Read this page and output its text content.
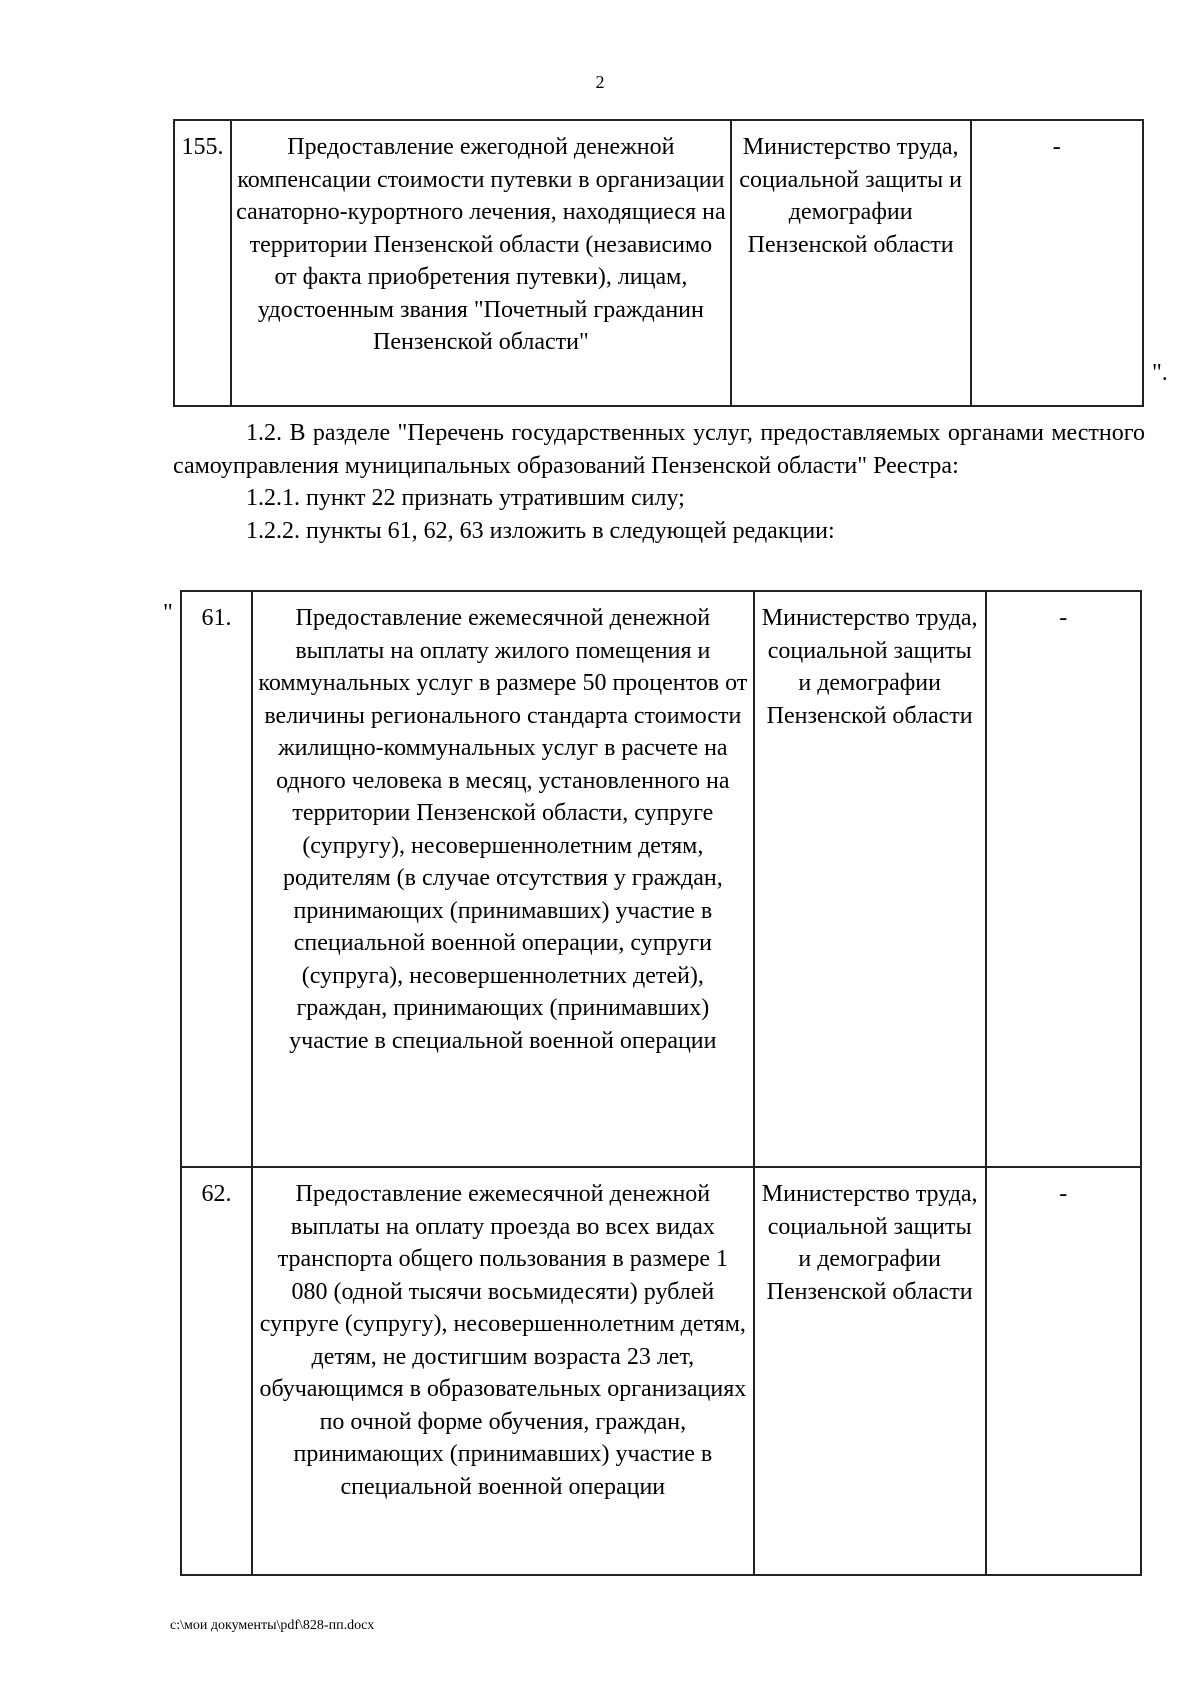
2
155.	Предоставление ежегодной денежной компенсации стоимости путевки в организации санаторно-курортного лечения, находящиеся на территории Пензенской области (независимо от факта приобретения путевки), лицам, удостоенным звания "Почетный гражданин Пензенской области"	Министерство труда, социальной защиты и демографии Пензенской области	-
".

1.2. В разделе "Перечень государственных услуг, предоставляемых органами местного самоуправления муниципальных образований Пензенской области" Реестра:

1.2.1. пункт 22 признать утратившим силу;

1.2.2. пункты 61, 62, 63 изложить в следующей редакции:

" 61.	Предоставление ежемесячной денежной выплаты на оплату жилого помещения и коммунальных услуг в размере 50 процентов от величины регионального стандарта стоимости жилищно-коммунальных услуг в расчете на одного человека в месяц, установленного на территории Пензенской области, супруге (супругу), несовершеннолетним детям, родителям (в случае отсутствия у граждан, принимающих (принимавших) участие в специальной военной операции, супруги (супруга), несовершеннолетних детей), граждан, принимающих (принимавших) участие в специальной военной операции	Министерство труда, социальной защиты и демографии Пензенской области	-
62.	Предоставление ежемесячной денежной выплаты на оплату проезда во всех видах транспорта общего пользования в размере 1 080 (одной тысячи восьмидесяти) рублей супруге (супругу), несовершеннолетним детям, детям, не достигшим возраста 23 лет, обучающимся в образовательных организациях по очной форме обучения, граждан, принимающих (принимавших) участие в специальной военной операции	Министерство труда, социальной защиты и демографии Пензенской области	-
c:\мои документы\pdf\828-пп.docx
